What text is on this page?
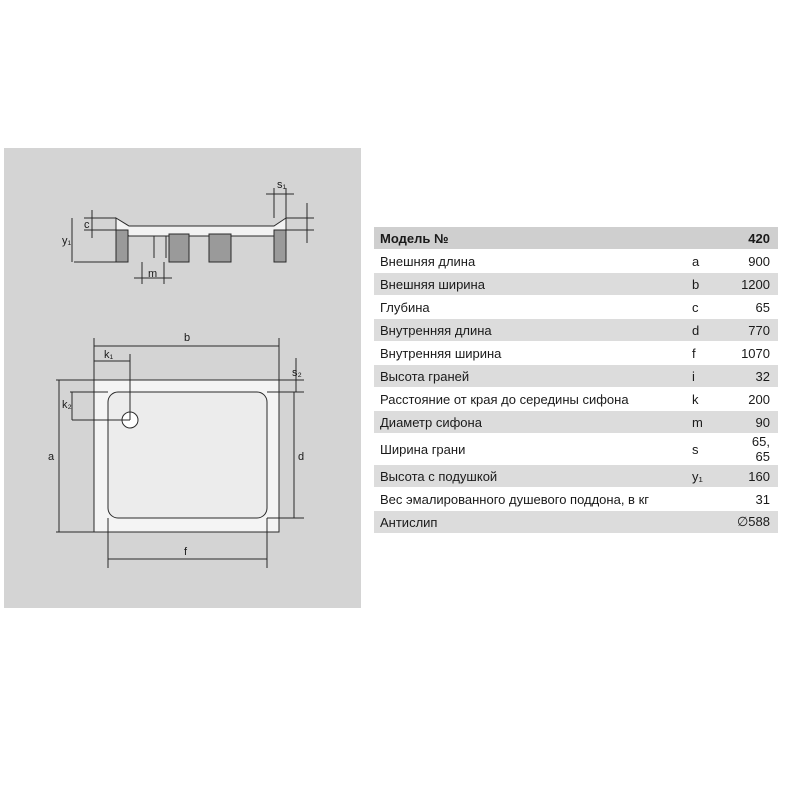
s₁
y₁
c
m
b
k₁
s₂
k₂
a	d
f
Модель №		420
Внешняя длина	a	900
Внешняя ширина	b	1200
Глубина	c	65
Внутренняя длина	d	770
Внутренняя ширина	f	1070
Высота граней	i	32
Расстояние от края до середины сифона	k	200
Диаметр сифона	m	90
Ширина грани	s	65, 65
Высота с подушкой	y₁	160
Вес эмалированного душевого поддона, в кг		31
Антислип		∅588
